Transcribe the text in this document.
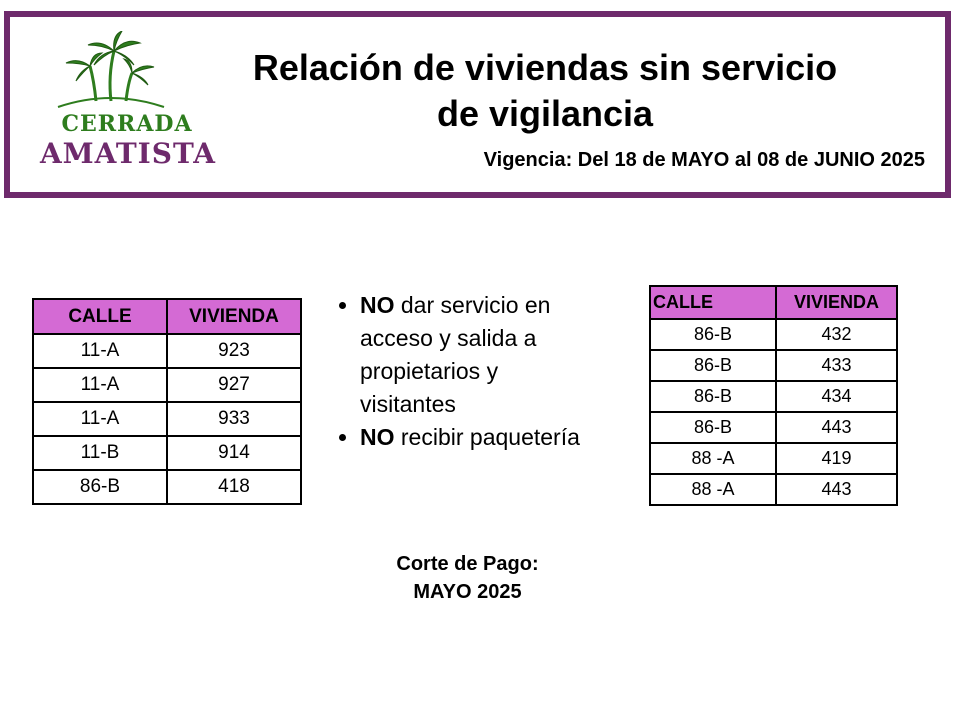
CERRADA
AMATISTA
Relación de viviendas sin servicio
de vigilancia
Vigencia: Del 18 de MAYO al 08 de JUNIO 2025
CALLE	VIVIENDA
11-A	923
11-A	927
11-A	933
11-B	914
86-B	418
• NO dar servicio en acceso y salida a propietarios y visitantes
• NO recibir paquetería
CALLE	VIVIENDA
86-B	432
86-B	433
86-B	434
86-B	443
88 -A	419
88 -A	443
Corte de Pago:
MAYO 2025
